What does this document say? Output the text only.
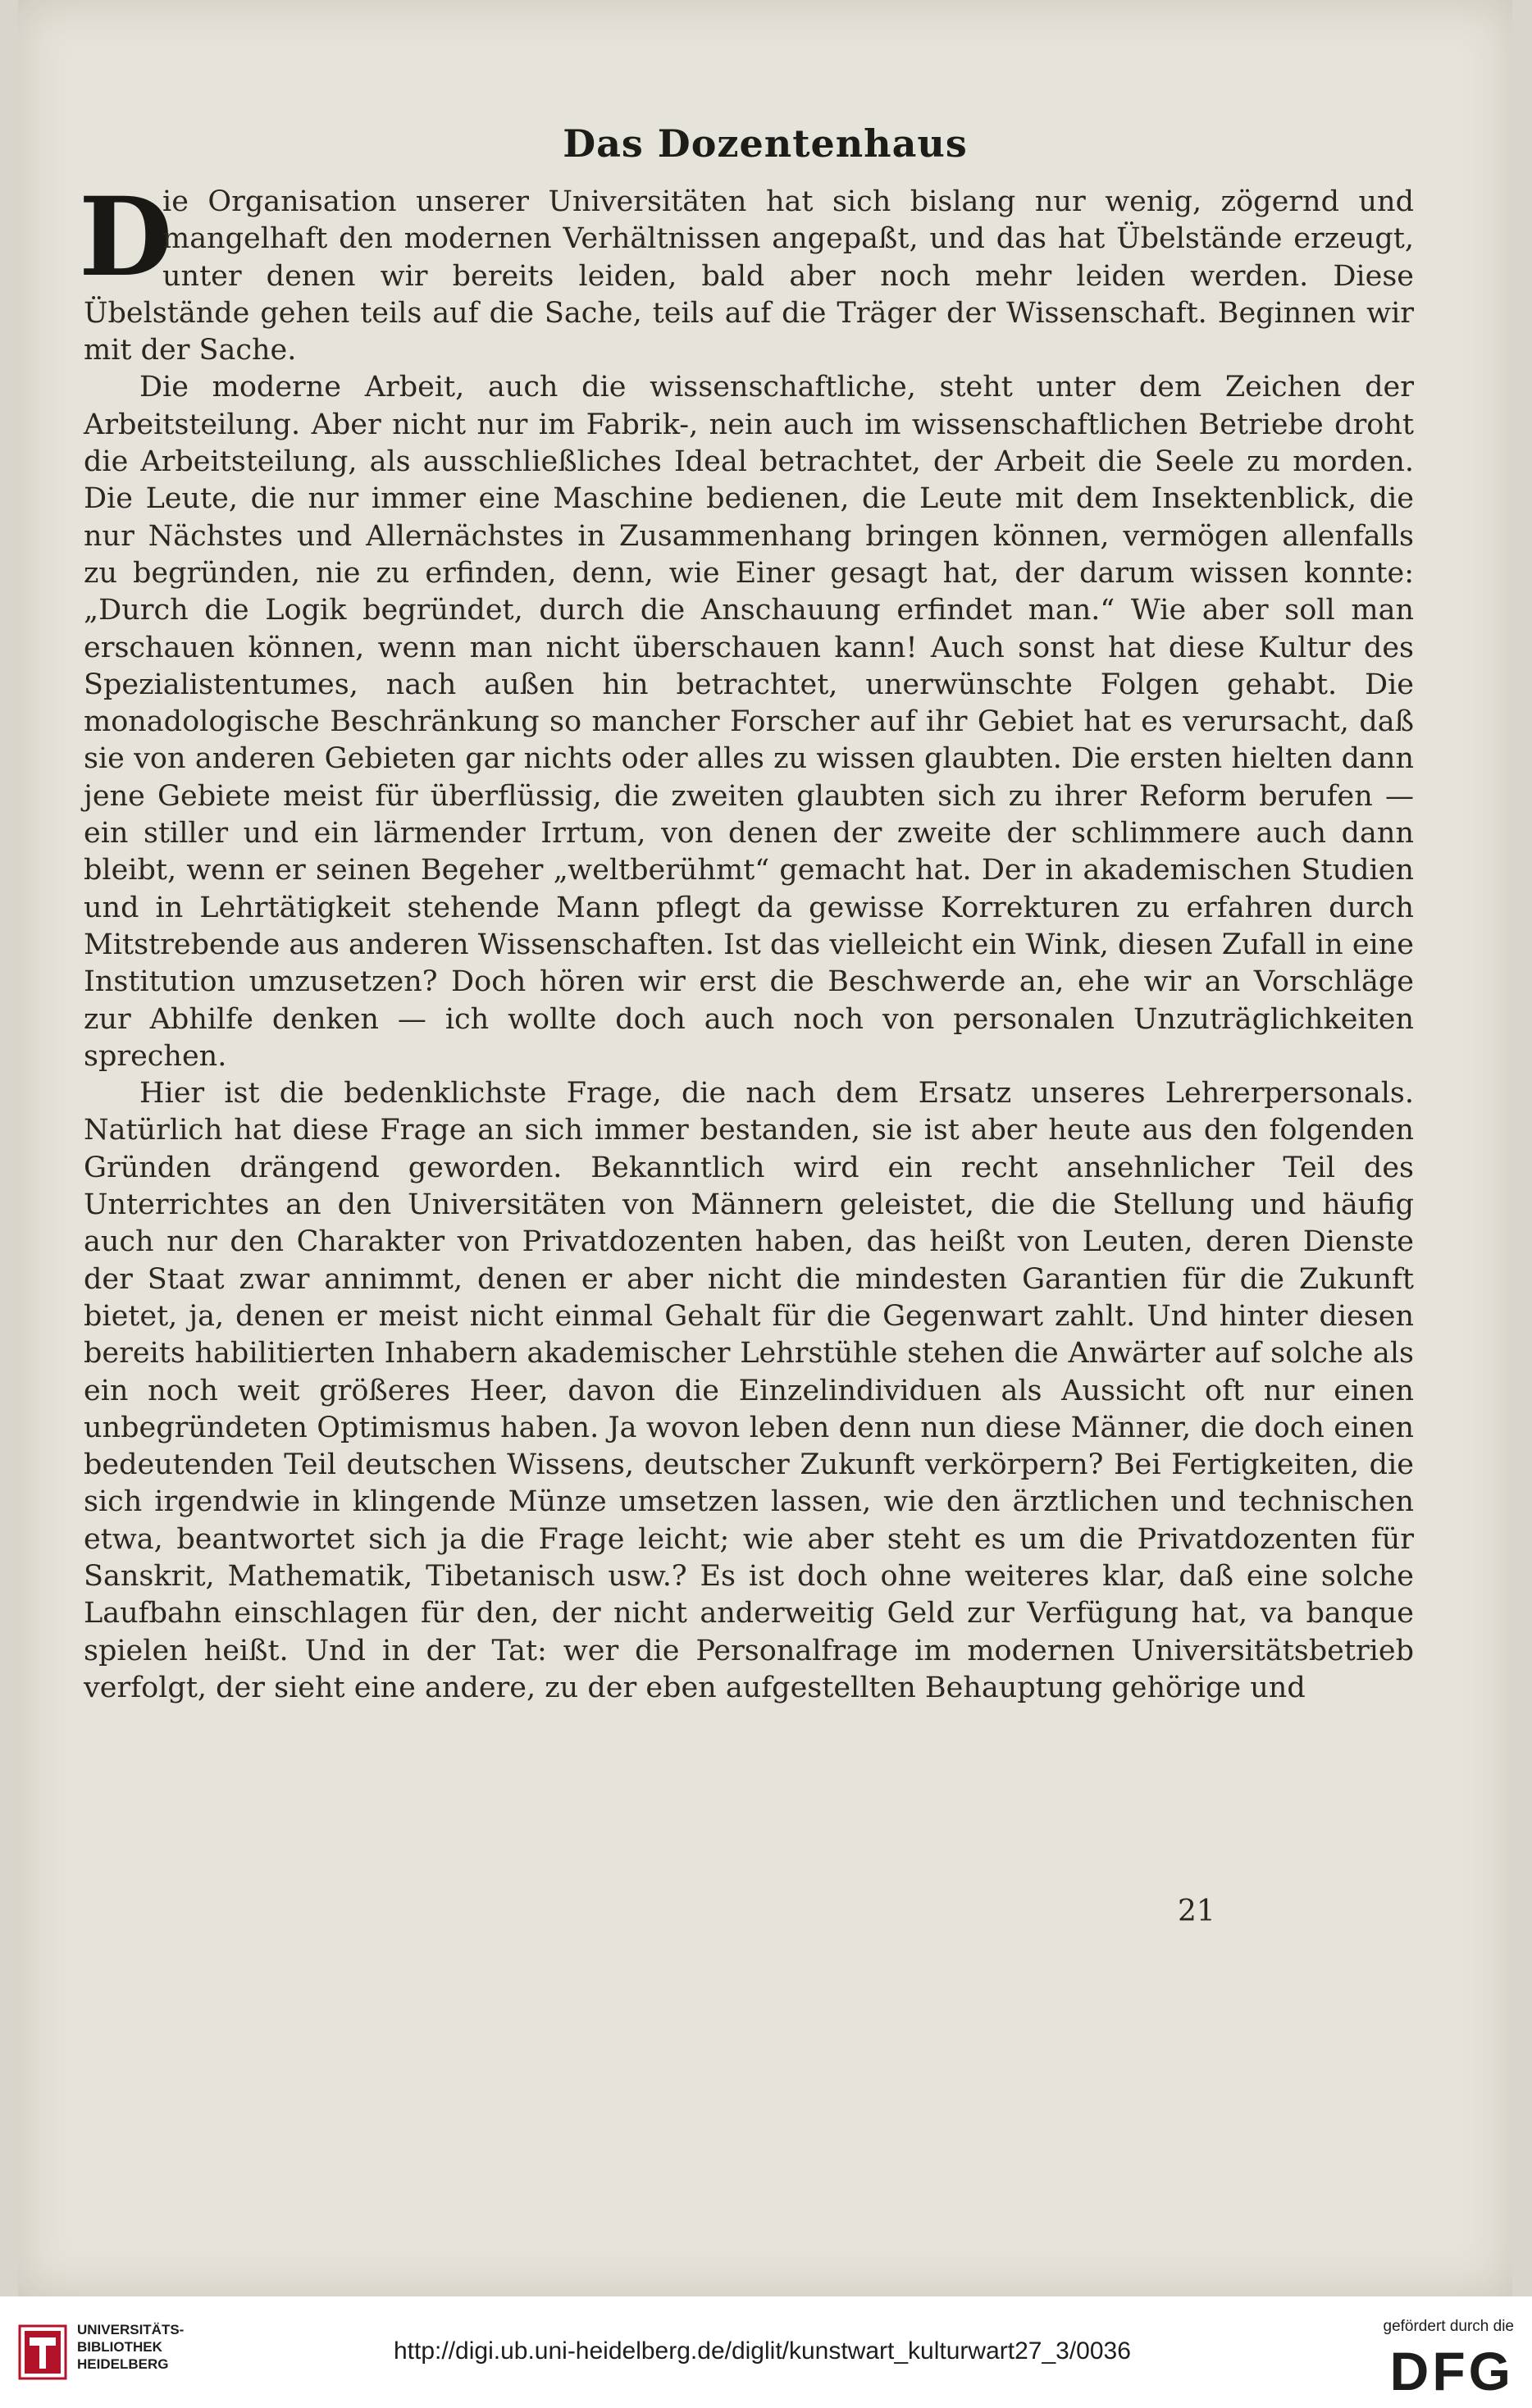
Das Dozentenhaus

D
ie Organisation unserer Universitäten hat sich bislang nur wenig, zögernd und mangelhaft den modernen Verhältnissen angepaßt, und das hat Übelstände erzeugt, unter denen wir bereits leiden, bald aber noch mehr leiden werden. Diese Übelstände gehen teils auf die Sache, teils auf die Träger der Wissenschaft. Beginnen wir mit der Sache.

Die moderne Arbeit, auch die wissenschaftliche, steht unter dem Zeichen der Arbeitsteilung. Aber nicht nur im Fabrik-, nein auch im wissenschaftlichen Betriebe droht die Arbeitsteilung, als ausschließliches Ideal betrachtet, der Arbeit die Seele zu morden. Die Leute, die nur immer eine Maschine bedienen, die Leute mit dem Insektenblick, die nur Nächstes und Allernächstes in Zusammenhang bringen können, vermögen allenfalls zu begründen, nie zu erfinden, denn, wie Einer gesagt hat, der darum wissen konnte: „Durch die Logik begründet, durch die Anschauung erfindet man.“ Wie aber soll man erschauen können, wenn man nicht überschauen kann! Auch sonst hat diese Kultur des Spezialistentumes, nach außen hin betrachtet, unerwünschte Folgen gehabt. Die monadologische Beschränkung so mancher Forscher auf ihr Gebiet hat es verursacht, daß sie von anderen Gebieten gar nichts oder alles zu wissen glaubten. Die ersten hielten dann jene Gebiete meist für überflüssig, die zweiten glaubten sich zu ihrer Reform berufen — ein stiller und ein lärmender Irrtum, von denen der zweite der schlimmere auch dann bleibt, wenn er seinen Begeher „weltberühmt“ gemacht hat. Der in akademischen Studien und in Lehrtätigkeit stehende Mann pflegt da gewisse Korrekturen zu erfahren durch Mitstrebende aus anderen Wissenschaften. Ist das vielleicht ein Wink, diesen Zufall in eine Institution umzusetzen? Doch hören wir erst die Beschwerde an, ehe wir an Vorschläge zur Abhilfe denken — ich wollte doch auch noch von personalen Unzuträglichkeiten sprechen.

Hier ist die bedenklichste Frage, die nach dem Ersatz unseres Lehrerpersonals. Natürlich hat diese Frage an sich immer bestanden, sie ist aber heute aus den folgenden Gründen drängend geworden. Bekanntlich wird ein recht ansehnlicher Teil des Unterrichtes an den Universitäten von Männern geleistet, die die Stellung und häufig auch nur den Charakter von Privatdozenten haben, das heißt von Leuten, deren Dienste der Staat zwar annimmt, denen er aber nicht die mindesten Garantien für die Zukunft bietet, ja, denen er meist nicht einmal Gehalt für die Gegenwart zahlt. Und hinter diesen bereits habilitierten Inhabern akademischer Lehrstühle stehen die Anwärter auf solche als ein noch weit größeres Heer, davon die Einzelindividuen als Aussicht oft nur einen unbegründeten Optimismus haben. Ja wovon leben denn nun diese Männer, die doch einen bedeutenden Teil deutschen Wissens, deutscher Zukunft verkörpern? Bei Fertigkeiten, die sich irgendwie in klingende Münze umsetzen lassen, wie den ärztlichen und technischen etwa, beantwortet sich ja die Frage leicht; wie aber steht es um die Privatdozenten für Sanskrit, Mathematik, Tibetanisch usw.? Es ist doch ohne weiteres klar, daß eine solche Laufbahn einschlagen für den, der nicht anderweitig Geld zur Verfügung hat, va banque spielen heißt. Und in der Tat: wer die Personalfrage im modernen Universitätsbetrieb verfolgt, der sieht eine andere, zu der eben aufgestellten Behauptung gehörige und

21
UNIVERSITÄTS-
BIBLIOTHEK
HEIDELBERG	http://digi.ub.uni-heidelberg.de/diglit/kunstwart_kulturwart27_3/0036
gefördert durch die
DFG
